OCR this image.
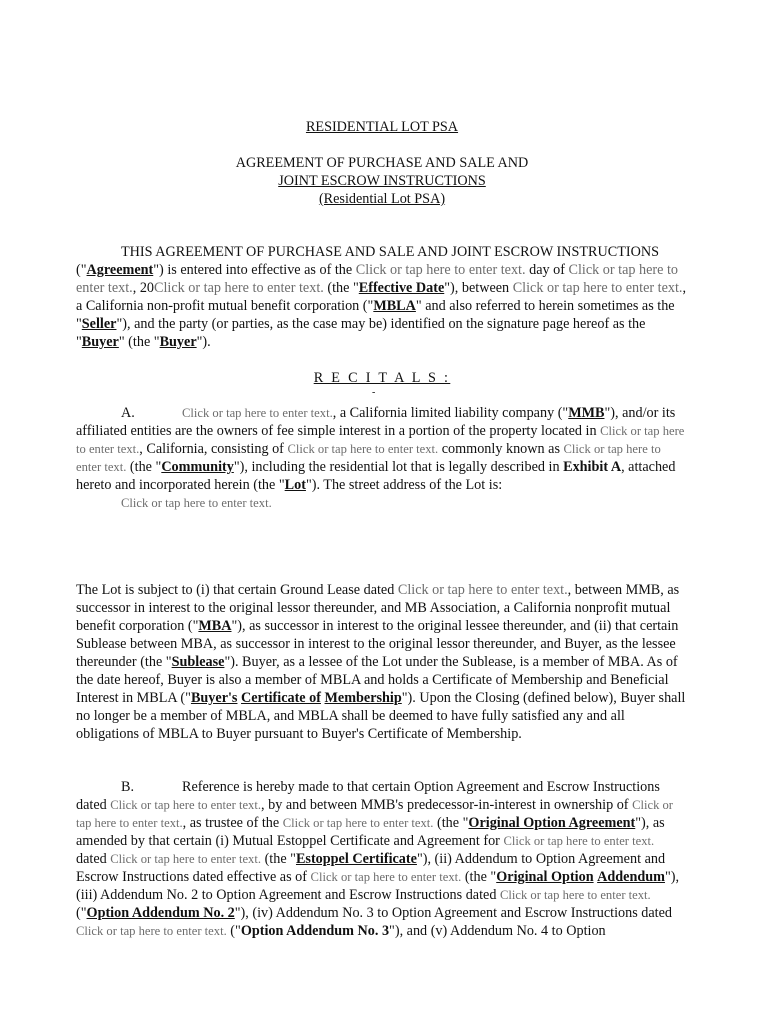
RESIDENTIAL LOT PSA
AGREEMENT OF PURCHASE AND SALE AND
JOINT ESCROW INSTRUCTIONS
(Residential Lot PSA)
THIS AGREEMENT OF PURCHASE AND SALE AND JOINT ESCROW INSTRUCTIONS ("Agreement") is entered into effective as of the Click or tap here to enter text. day of Click or tap here to enter text., 20Click or tap here to enter text. (the "Effective Date"), between Click or tap here to enter text., a California non-profit mutual benefit corporation ("MBLA" and also referred to herein sometimes as the "Seller"), and the party (or parties, as the case may be) identified on the signature page hereof as the "Buyer" (the "Buyer").
R E C I T A L S :
-
A.	Click or tap here to enter text., a California limited liability company ("MMB"), and/or its affiliated entities are the owners of fee simple interest in a portion of the property located in Click or tap here to enter text., California, consisting of Click or tap here to enter text. commonly known as Click or tap here to enter text. (the "Community"), including the residential lot that is legally described in Exhibit A, attached hereto and incorporated herein (the "Lot"). The street address of the Lot is:
Click or tap here to enter text.
The Lot is subject to (i) that certain Ground Lease dated Click or tap here to enter text., between MMB, as successor in interest to the original lessor thereunder, and MB Association, a California nonprofit mutual benefit corporation ("MBA"), as successor in interest to the original lessee thereunder, and (ii) that certain Sublease between MBA, as successor in interest to the original lessor thereunder, and Buyer, as the lessee thereunder (the "Sublease"). Buyer, as a lessee of the Lot under the Sublease, is a member of MBA. As of the date hereof, Buyer is also a member of MBLA and holds a Certificate of Membership and Beneficial Interest in MBLA ("Buyer's Certificate of Membership"). Upon the Closing (defined below), Buyer shall no longer be a member of MBLA, and MBLA shall be deemed to have fully satisfied any and all obligations of MBLA to Buyer pursuant to Buyer's Certificate of Membership.
B.	Reference is hereby made to that certain Option Agreement and Escrow Instructions dated Click or tap here to enter text., by and between MMB's predecessor-in-interest in ownership of Click or tap here to enter text., as trustee of the Click or tap here to enter text. (the "Original Option Agreement"), as amended by that certain (i) Mutual Estoppel Certificate and Agreement for Click or tap here to enter text. dated Click or tap here to enter text. (the "Estoppel Certificate"), (ii) Addendum to Option Agreement and Escrow Instructions dated effective as of Click or tap here to enter text. (the "Original Option Addendum"), (iii) Addendum No. 2 to Option Agreement and Escrow Instructions dated Click or tap here to enter text. ("Option Addendum No. 2"), (iv) Addendum No. 3 to Option Agreement and Escrow Instructions dated Click or tap here to enter text. ("Option Addendum No. 3"), and (v) Addendum No. 4 to Option
